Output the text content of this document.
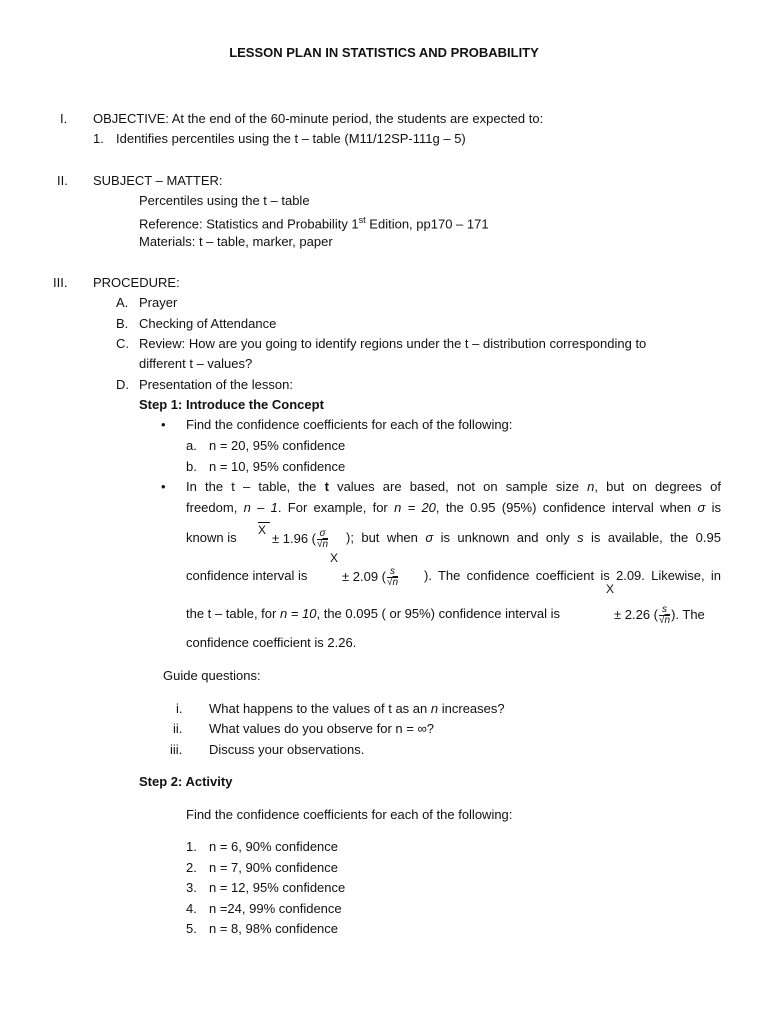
LESSON PLAN IN STATISTICS AND PROBABILITY
I. OBJECTIVE: At the end of the 60-minute period, the students are expected to:
1. Identifies percentiles using the t – table (M11/12SP-111g – 5)
II. SUBJECT – MATTER:
Percentiles using the t – table
Reference: Statistics and Probability 1st Edition, pp170 – 171
Materials: t – table, marker, paper
III. PROCEDURE:
A. Prayer
B. Checking of Attendance
C. Review: How are you going to identify regions under the t – distribution corresponding to
different t – values?
D. Presentation of the lesson:
Step 1: Introduce the Concept
• Find the confidence coefficients for each of the following:
a. n = 20, 95% confidence
b. n = 10, 95% confidence
• In the t – table, the t values are based, not on sample size n, but on degrees of
freedom, n – 1. For example, for n = 20, the 0.95 (95%) confidence interval when σ is
known is X
± 1.96 ( $\frac{\sigma}{√n}$ ); but when σ is unknown and only s is available, the 0.95
X
confidence interval is	± 2.09 ( $\frac{s}{√n}$ ). The confidence coefficient is 2.09. Likewise, in
X
the t – table, for n = 10, the 0.095 ( or 95%) confidence interval is	± 2.26 ( $\frac{s}{√n}$ ). The
confidence coefficient is 2.26.
Guide questions:
i. What happens to the values of t as an n increases?
ii. What values do you observe for n = ∞?
iii. Discuss your observations.
Step 2: Activity
Find the confidence coefficients for each of the following:
1. n = 6, 90% confidence
2. n = 7, 90% confidence
3. n = 12, 95% confidence
4. n =24, 99% confidence
5. n = 8, 98% confidence
